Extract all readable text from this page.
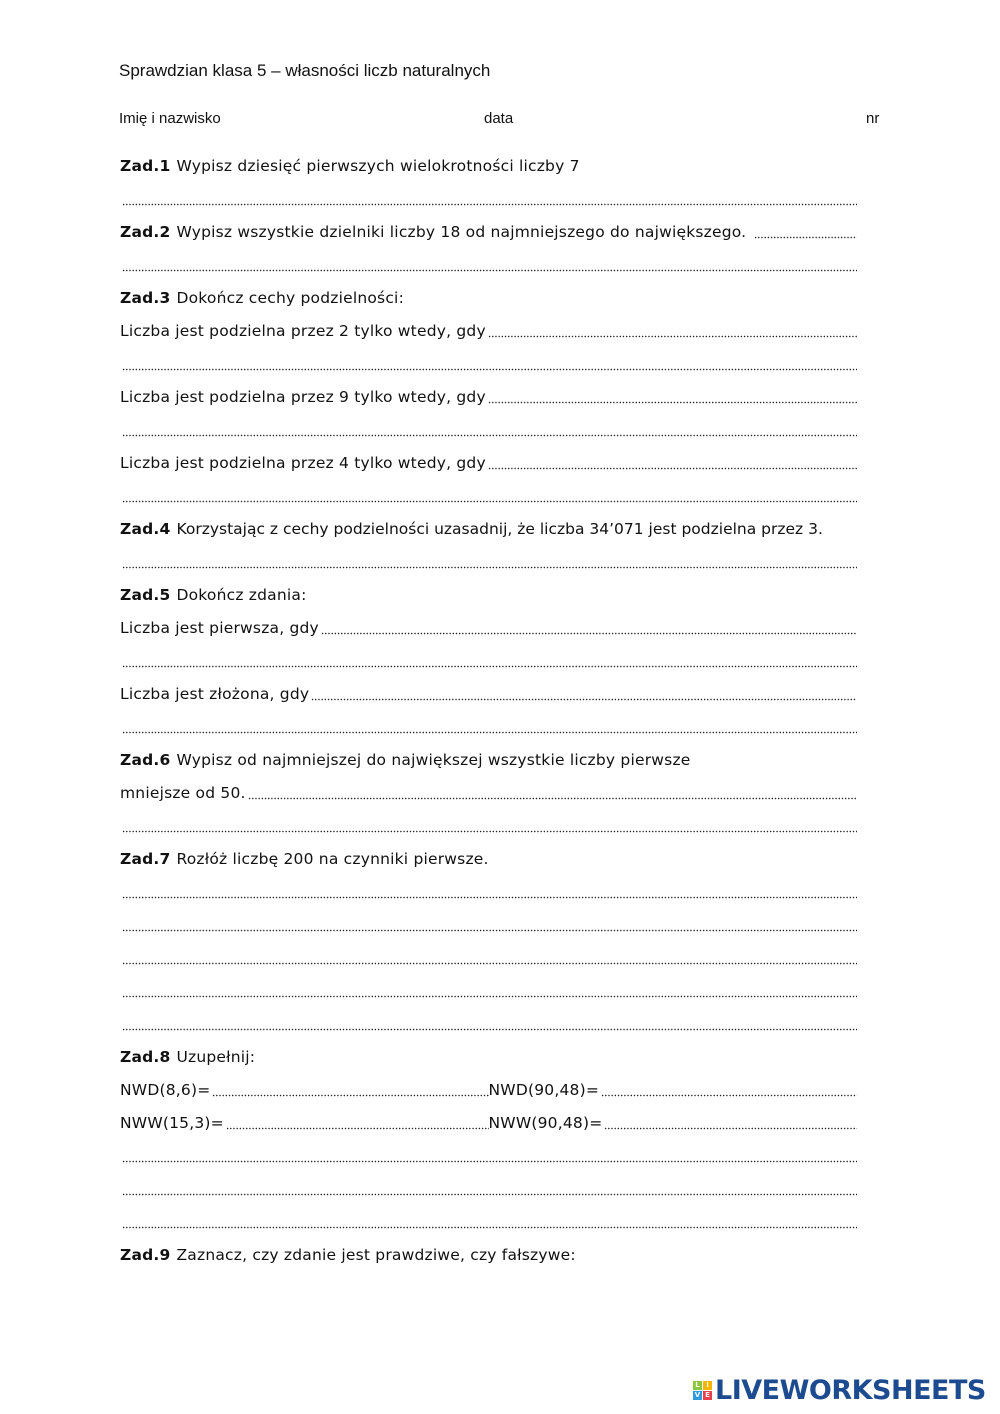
Sprawdzian klasa 5 – własności liczb naturalnych
Imię i nazwisko	data	nr
Zad.1 Wypisz dziesięć pierwszych wielokrotności liczby 7
Zad.2 Wypisz wszystkie dzielniki liczby 18 od najmniejszego do największego.
Zad.3 Dokończ cechy podzielności:
Liczba jest podzielna przez 2 tylko wtedy, gdy
Liczba jest podzielna przez 9 tylko wtedy, gdy
Liczba jest podzielna przez 4 tylko wtedy, gdy
Zad.4 Korzystając z cechy podzielności uzasadnij, że liczba 34’071 jest podzielna przez 3.
Zad.5 Dokończ zdania:
Liczba jest pierwsza, gdy
Liczba jest złożona, gdy
Zad.6 Wypisz od najmniejszej do największej wszystkie liczby pierwsze
mniejsze od 50.
Zad.7 Rozłóż liczbę 200 na czynniki pierwsze.
Zad.8 Uzupełnij:
NWD(8,6)=	NWD(90,48)=
NWW(15,3)=	NWW(90,48)=
Zad.9 Zaznacz, czy zdanie jest prawdziwe, czy fałszywe:
L I
V E LIVEWORKSHEETS
